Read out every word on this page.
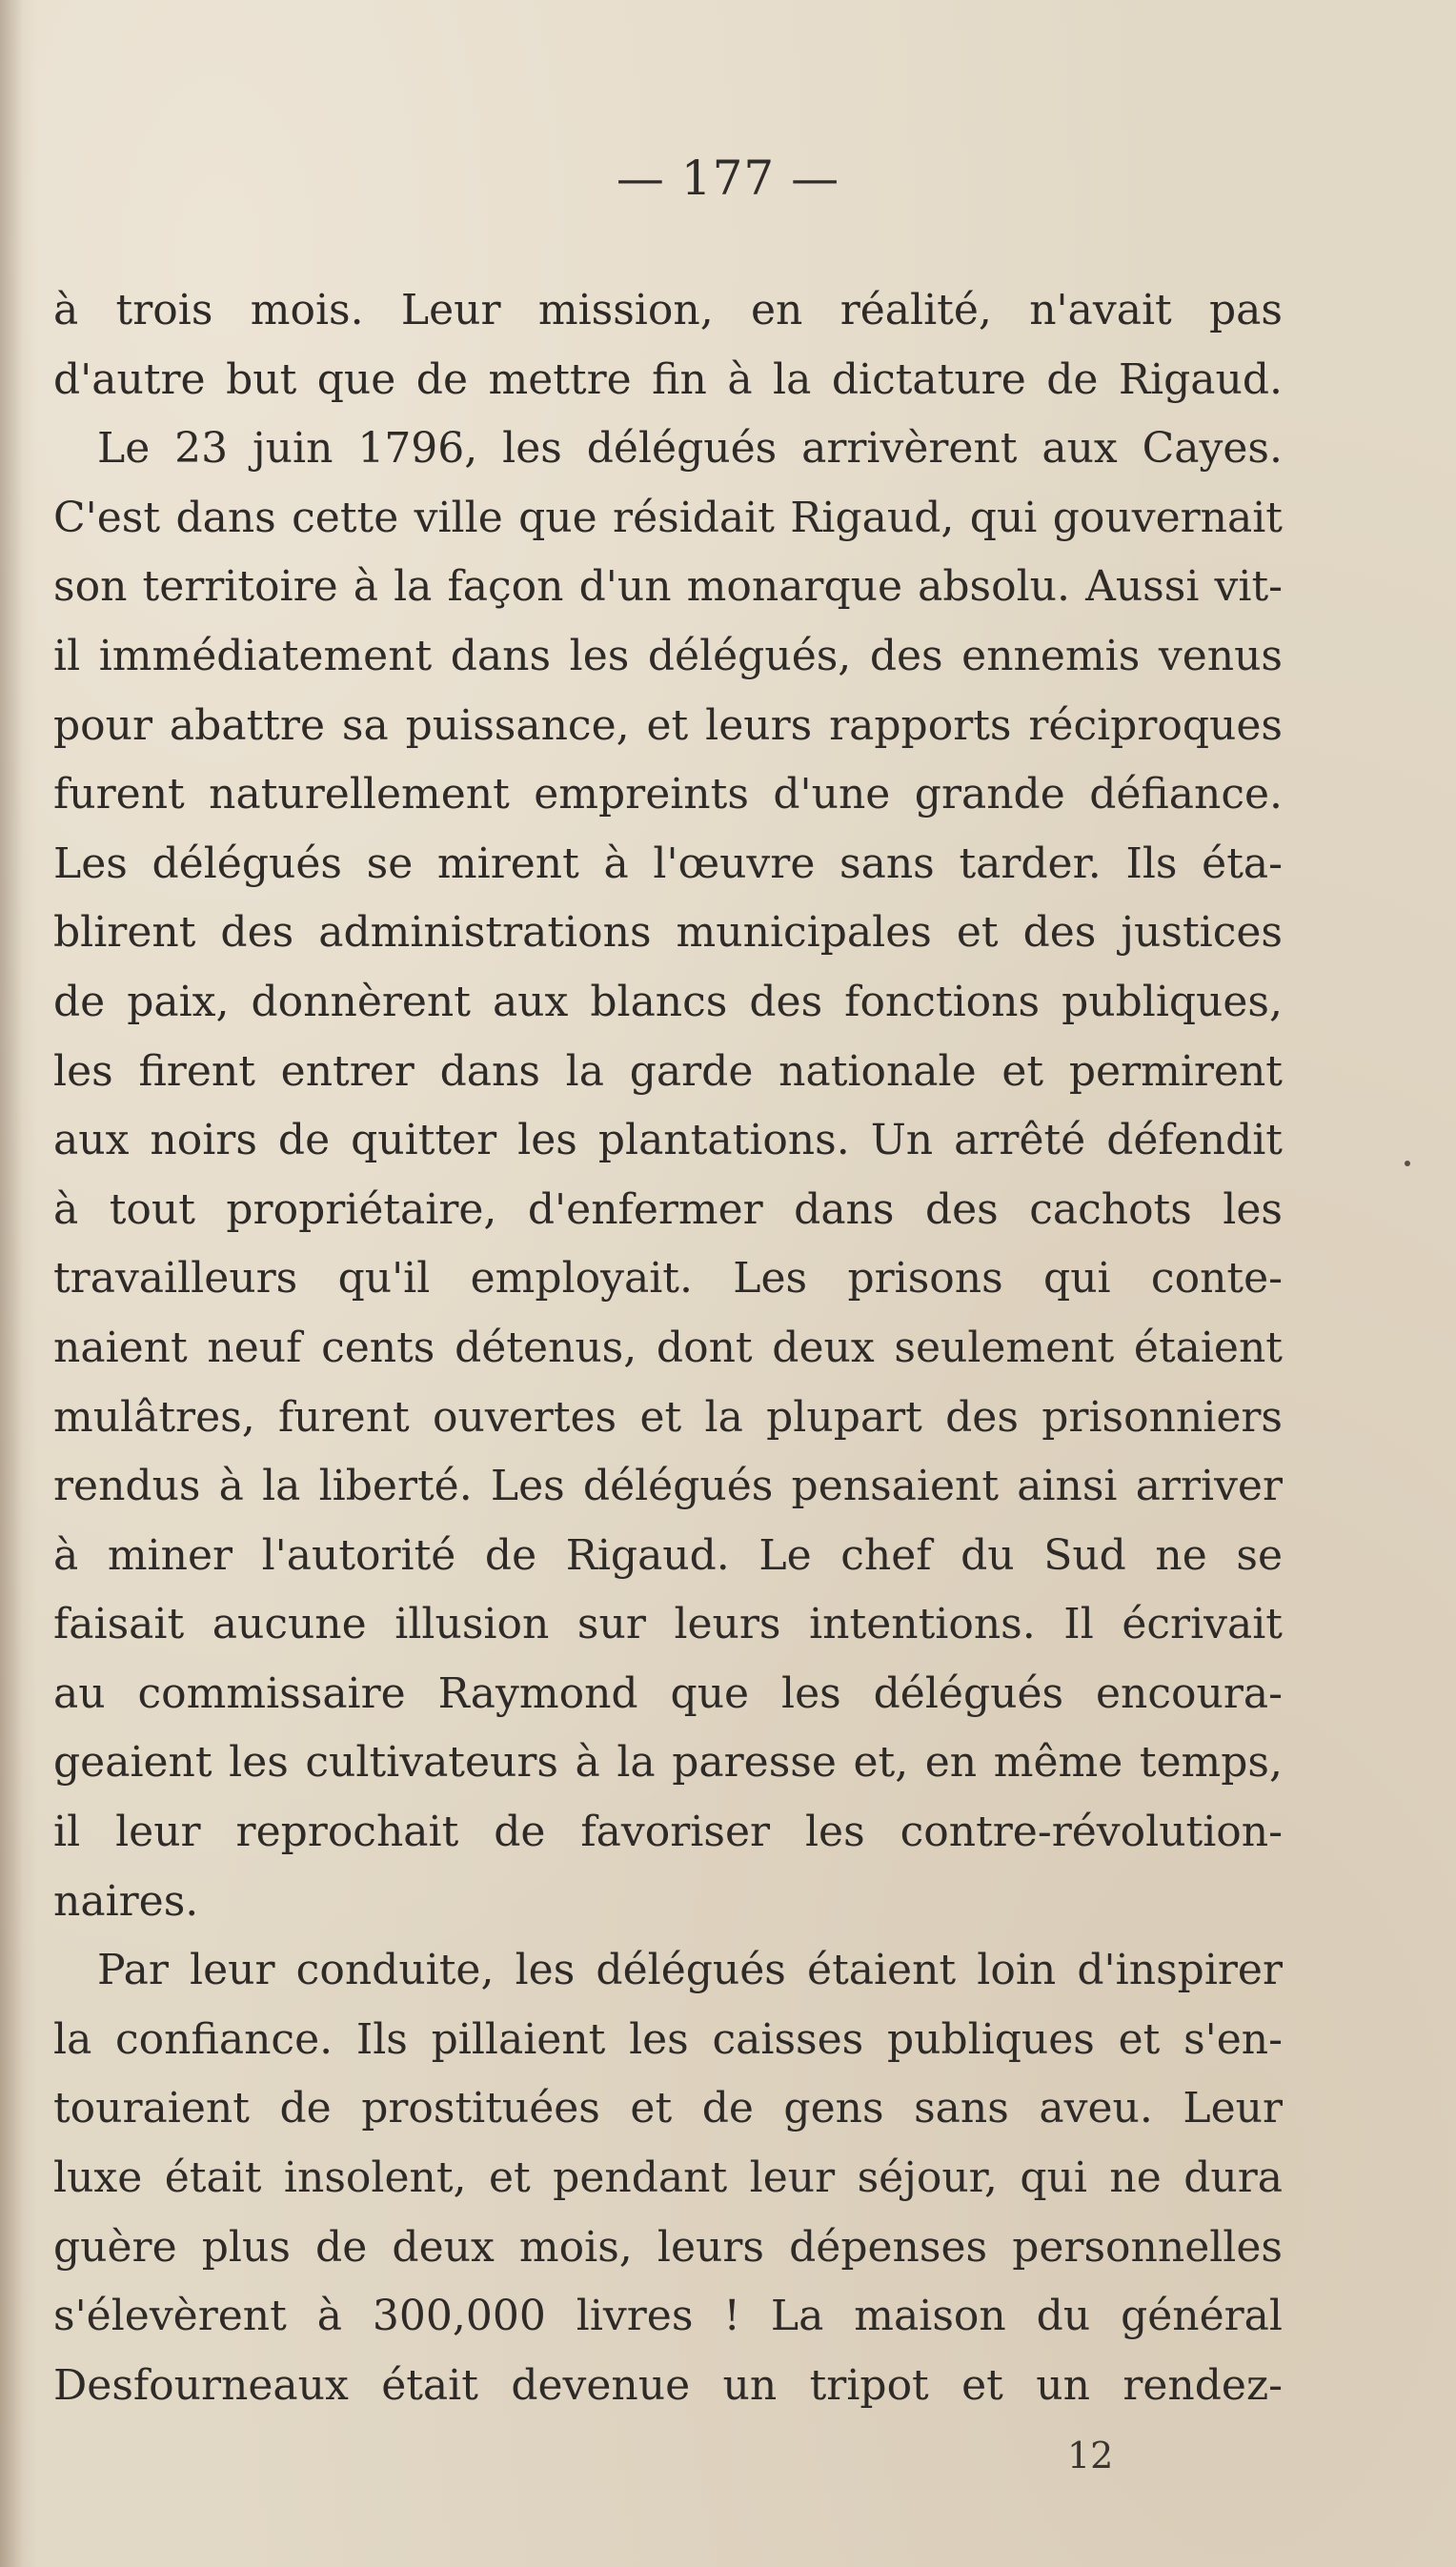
— 177 —
à trois mois. Leur mission, en réalité, n'avait pas
d'autre but que de mettre fin à la dictature de Rigaud.
Le 23 juin 1796, les délégués arrivèrent aux Cayes.
C'est dans cette ville que résidait Rigaud, qui gouvernait
son territoire à la façon d'un monarque absolu. Aussi vit-
il immédiatement dans les délégués, des ennemis venus
pour abattre sa puissance, et leurs rapports réciproques
furent naturellement empreints d'une grande défiance.
Les délégués se mirent à l'œuvre sans tarder. Ils éta-
blirent des administrations municipales et des justices
de paix, donnèrent aux blancs des fonctions publiques,
les firent entrer dans la garde nationale et permirent
aux noirs de quitter les plantations. Un arrêté défendit
à tout propriétaire, d'enfermer dans des cachots les
travailleurs qu'il employait. Les prisons qui conte-
naient neuf cents détenus, dont deux seulement étaient
mulâtres, furent ouvertes et la plupart des prisonniers
rendus à la liberté. Les délégués pensaient ainsi arriver
à miner l'autorité de Rigaud. Le chef du Sud ne se
faisait aucune illusion sur leurs intentions. Il écrivait
au commissaire Raymond que les délégués encoura-
geaient les cultivateurs à la paresse et, en même temps,
il leur reprochait de favoriser les contre-révolution-
naires.
Par leur conduite, les délégués étaient loin d'inspirer
la confiance. Ils pillaient les caisses publiques et s'en-
touraient de prostituées et de gens sans aveu. Leur
luxe était insolent, et pendant leur séjour, qui ne dura
guère plus de deux mois, leurs dépenses personnelles
s'élevèrent à 300,000 livres ! La maison du général
Desfourneaux était devenue un tripot et un rendez-
12
